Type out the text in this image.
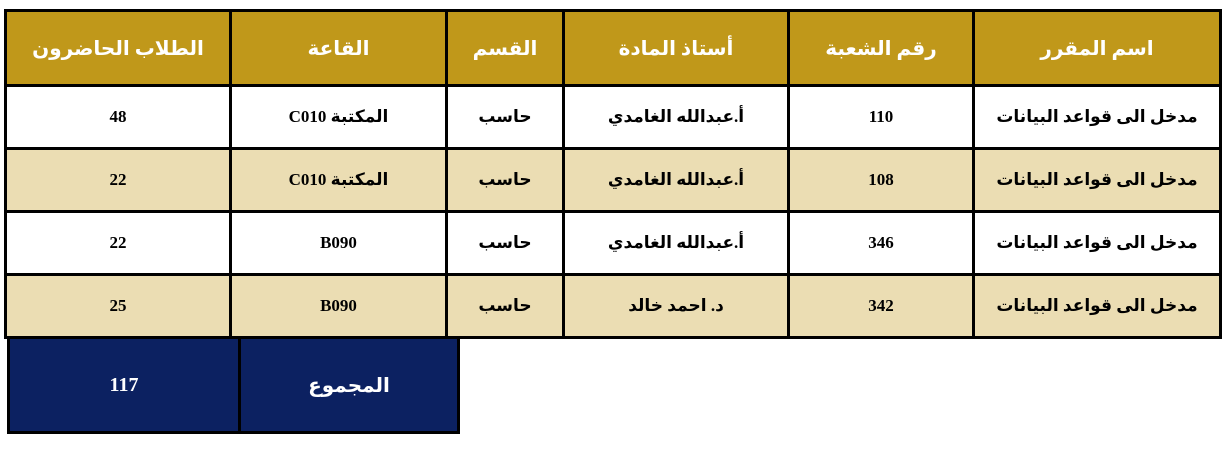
اسم المقرر	رقم الشعبة	أستاذ المادة	القسم	القاعة	الطلاب الحاضرون
مدخل الى قواعد البيانات	110	أ.عبدالله الغامدي	حاسب	المكتبة C010	48
مدخل الى قواعد البيانات	108	أ.عبدالله الغامدي	حاسب	المكتبة C010	22
مدخل الى قواعد البيانات	346	أ.عبدالله الغامدي	حاسب	B090	22
مدخل الى قواعد البيانات	342	د. احمد خالد	حاسب	B090	25
المجموع	117
